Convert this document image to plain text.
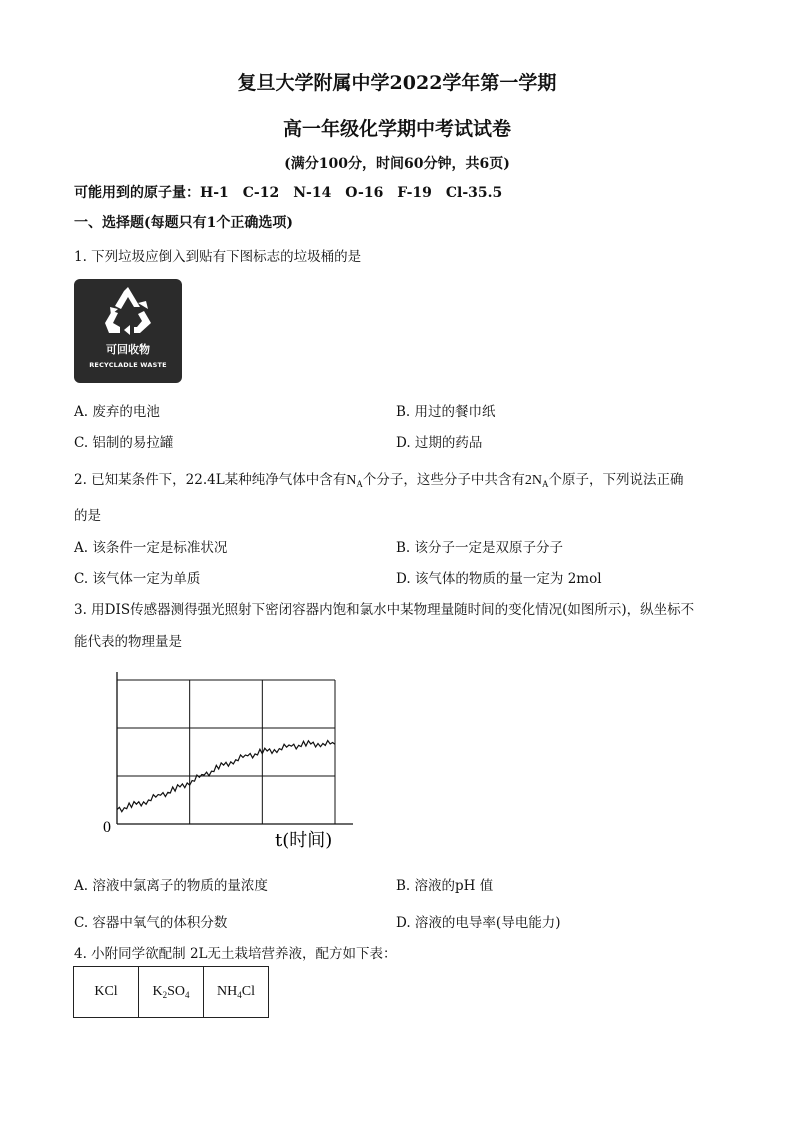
复旦大学附属中学2022学年第一学期
高一年级化学期中考试试卷
(满分100分，时间60分钟，共6页)
可能用到的原子量：H-1　C-12　N-14　O-16　F-19　Cl-35.5
一、选择题(每题只有1个正确选项)
1. 下列垃圾应倒入到贴有下图标志的垃圾桶的是
可回收物
RECYCLADLE WASTE
A. 废弃的电池	B. 用过的餐巾纸
C. 铝制的易拉罐	D. 过期的药品
2. 已知某条件下，22.4L某种纯净气体中含有$N_A$个分子，这些分子中共含有$2N_A$个原子，下列说法正确
的是
A. 该条件一定是标准状况	B. 该分子一定是双原子分子
C. 该气体一定为单质	D. 该气体的物质的量一定为 2mol
3. 用DIS传感器测得强光照射下密闭容器内饱和氯水中某物理量随时间的变化情况(如图所示)，纵坐标不
能代表的物理量是
0
t(时间)
A. 溶液中氯离子的物质的量浓度	B. 溶液的pH 值
C. 容器中氧气的体积分数	D. 溶液的电导率(导电能力)
4. 小附同学欲配制 2L无土栽培营养液，配方如下表：
KCl	$K_2SO_4$	$NH_4Cl$
